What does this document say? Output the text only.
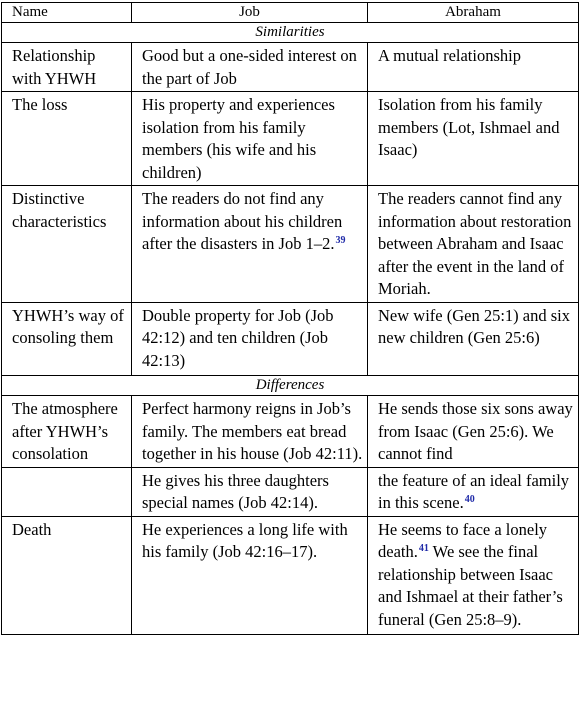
Name	Job	Abraham
Similarities		
Relationship with YHWH	Good but a one-sided interest on the part of Job	A mutual relationship
The loss	His property and experiences isolation from his family members (his wife and his children)	Isolation from his family members (Lot, Ishmael and Isaac)
Distinctive characteristics	The readers do not find any information about his children after the disasters in Job 1–2.39	The readers cannot find any information about restoration between Abraham and Isaac after the event in the land of Moriah.
YHWH’s way of consoling them	Double property for Job (Job 42:12) and ten children (Job 42:13)	New wife (Gen 25:1) and six new children (Gen 25:6)
Differences		
The atmosphere after YHWH’s consolation	Perfect harmony reigns in Job’s family. The members eat bread together in his house (Job 42:11).	He sends those six sons away from Isaac (Gen 25:6). We cannot find
	He gives his three daughters special names (Job 42:14).	the feature of an ideal family in this scene.$^{40}$
Death	He experiences a long life with his family (Job 42:16–17).	He seems to face a lonely death.$^{41}$ We see the final relationship between Isaac and Ishmael at their father’s funeral (Gen 25:8–9).
